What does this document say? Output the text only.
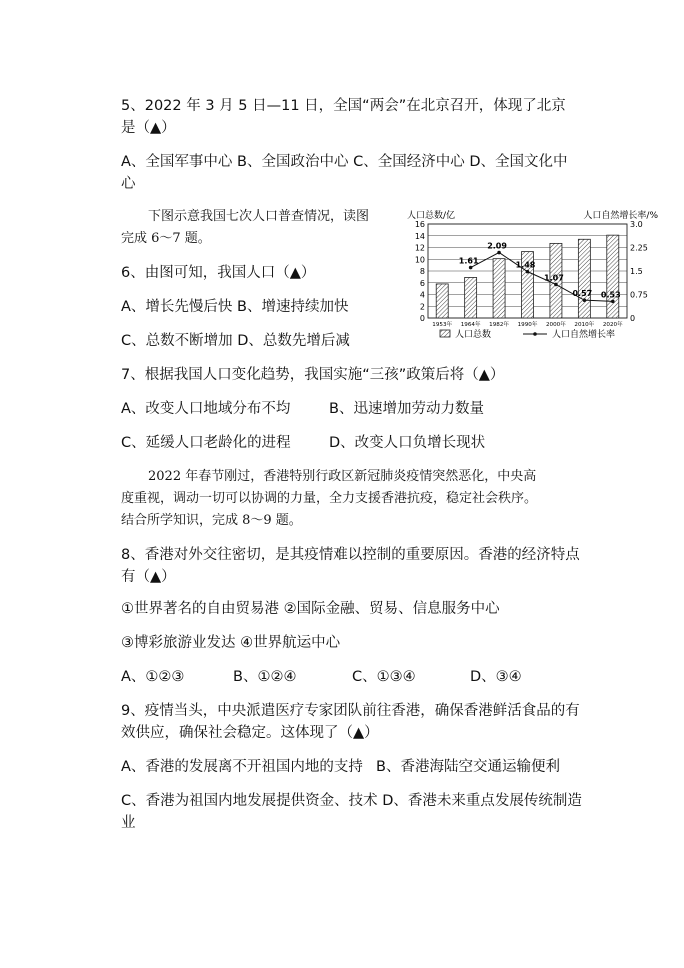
5、2022 年 3 月 5 日—11 日，全国“两会”在北京召开，体现了北京
是（▲）
A、全国军事中心 B、全国政治中心 C、全国经济中心 D、全国文化中
心
下图示意我国七次人口普查情况，读图
完成 6～7 题。
6、由图可知，我国人口（▲）
A、增长先慢后快 B、增速持续加快
C、总数不断增加 D、总数先增后减
人口总数/亿	人口自然增长率/%
0
2
4
6
8
10
12
14
16
0
0.75
1.5
2.25
3.0
1953年 1964年 1982年 1990年 2000年 2010年 2020年
1.61
2.09
1.48
1.07
0.57 0.53
人口总数	人口自然增长率
7、根据我国人口变化趋势，我国实施“三孩”政策后将（▲）
A、改变人口地域分布不均	B、迅速增加劳动力数量
C、延缓人口老龄化的进程	D、改变人口负增长现状
2022 年春节刚过，香港特别行政区新冠肺炎疫情突然恶化，中央高
度重视，调动一切可以协调的力量，全力支援香港抗疫，稳定社会秩序。
结合所学知识，完成 8～9 题。
8、香港对外交往密切，是其疫情难以控制的重要原因。香港的经济特点
有（▲）
①世界著名的自由贸易港 ②国际金融、贸易、信息服务中心
③博彩旅游业发达 ④世界航运中心
A、①②③	B、①②④	C、①③④	D、③④
9、疫情当头，中央派遣医疗专家团队前往香港，确保香港鲜活食品的有
效供应，确保社会稳定。这体现了（▲）
A、香港的发展离不开祖国内地的支持 B、香港海陆空交通运输便利
C、香港为祖国内地发展提供资金、技术 D、香港未来重点发展传统制造
业
